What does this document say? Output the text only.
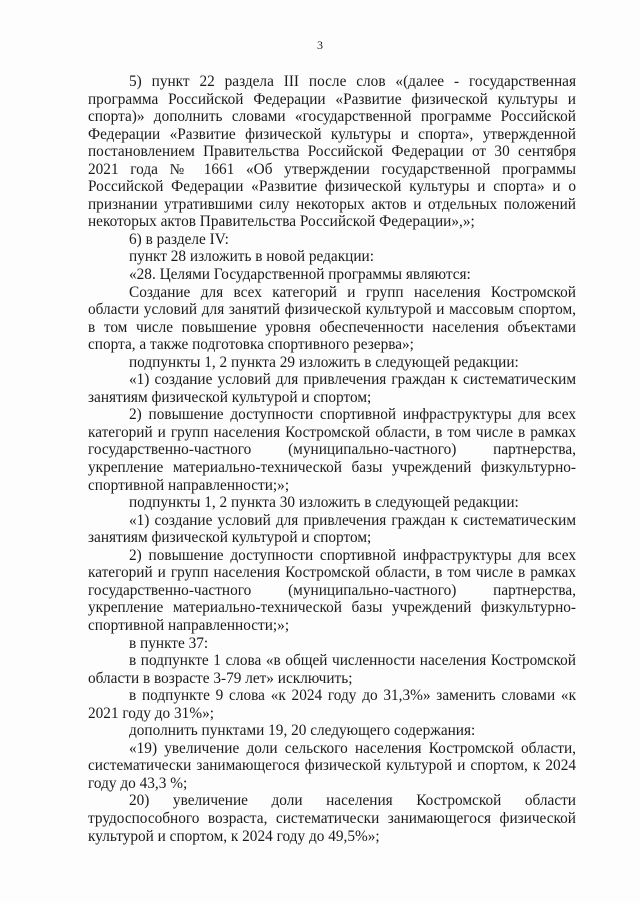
3

5) пункт 22 раздела III после слов «(далее - государственная программа Российской Федерации «Развитие физической культуры и спорта)» дополнить словами «государственной программе Российской Федерации «Развитие физической культуры и спорта», утвержденной постановлением Правительства Российской Федерации от 30 сентября 2021 года № 1661 «Об утверждении государственной программы Российской Федерации «Развитие физической культуры и спорта» и о признании утратившими силу некоторых актов и отдельных положений некоторых актов Правительства Российской Федерации»,»;

6) в разделе IV:

пункт 28 изложить в новой редакции:

«28. Целями Государственной программы являются:

Создание для всех категорий и групп населения Костромской области условий для занятий физической культурой и массовым спортом, в том числе повышение уровня обеспеченности населения объектами спорта, а также подготовка спортивного резерва»;

подпункты 1, 2 пункта 29 изложить в следующей редакции:

«1) создание условий для привлечения граждан к систематическим занятиям физической культурой и спортом;

2) повышение доступности спортивной инфраструктуры для всех категорий и групп населения Костромской области, в том числе в рамках государственно-частного (муниципально-частного) партнерства, укрепление материально-технической базы учреждений физкультурно-спортивной направленности;»;

подпункты 1, 2 пункта 30 изложить в следующей редакции:

«1) создание условий для привлечения граждан к систематическим занятиям физической культурой и спортом;

2) повышение доступности спортивной инфраструктуры для всех категорий и групп населения Костромской области, в том числе в рамках государственно-частного (муниципально-частного) партнерства, укрепление материально-технической базы учреждений физкультурно-спортивной направленности;»;

в пункте 37:

в подпункте 1 слова «в общей численности населения Костромской области в возрасте 3-79 лет» исключить;

в подпункте 9 слова «к 2024 году до 31,3%» заменить словами «к 2021 году до 31%»;

дополнить пунктами 19, 20 следующего содержания:

«19) увеличение доли сельского населения Костромской области, систематически занимающегося физической культурой и спортом, к 2024 году до 43,3 %;

20) увеличение доли населения Костромской области трудоспособного возраста, систематически занимающегося физической культурой и спортом, к 2024 году до 49,5%»;
